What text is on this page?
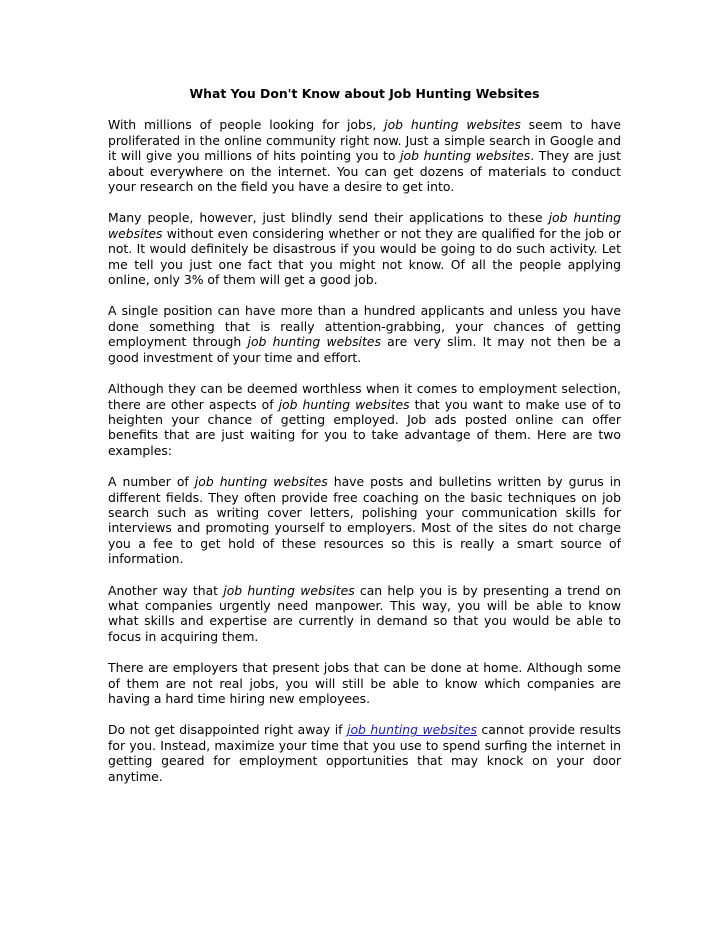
What You Don't Know about Job Hunting Websites

With millions of people looking for jobs, job hunting websites seem to have proliferated in the online community right now. Just a simple search in Google and it will give you millions of hits pointing you to job hunting websites. They are just about everywhere on the internet. You can get dozens of materials to conduct your research on the field you have a desire to get into.

Many people, however, just blindly send their applications to these job hunting websites without even considering whether or not they are qualified for the job or not. It would definitely be disastrous if you would be going to do such activity. Let me tell you just one fact that you might not know. Of all the people applying online, only 3% of them will get a good job.

A single position can have more than a hundred applicants and unless you have done something that is really attention-grabbing, your chances of getting employment through job hunting websites are very slim. It may not then be a good investment of your time and effort.

Although they can be deemed worthless when it comes to employment selection, there are other aspects of job hunting websites that you want to make use of to heighten your chance of getting employed. Job ads posted online can offer benefits that are just waiting for you to take advantage of them. Here are two examples:

A number of job hunting websites have posts and bulletins written by gurus in different fields. They often provide free coaching on the basic techniques on job search such as writing cover letters, polishing your communication skills for interviews and promoting yourself to employers. Most of the sites do not charge you a fee to get hold of these resources so this is really a smart source of information.

Another way that job hunting websites can help you is by presenting a trend on what companies urgently need manpower. This way, you will be able to know what skills and expertise are currently in demand so that you would be able to focus in acquiring them.

There are employers that present jobs that can be done at home. Although some of them are not real jobs, you will still be able to know which companies are having a hard time hiring new employees.

Do not get disappointed right away if job hunting websites cannot provide results for you. Instead, maximize your time that you use to spend surfing the internet in getting geared for employment opportunities that may knock on your door anytime.
